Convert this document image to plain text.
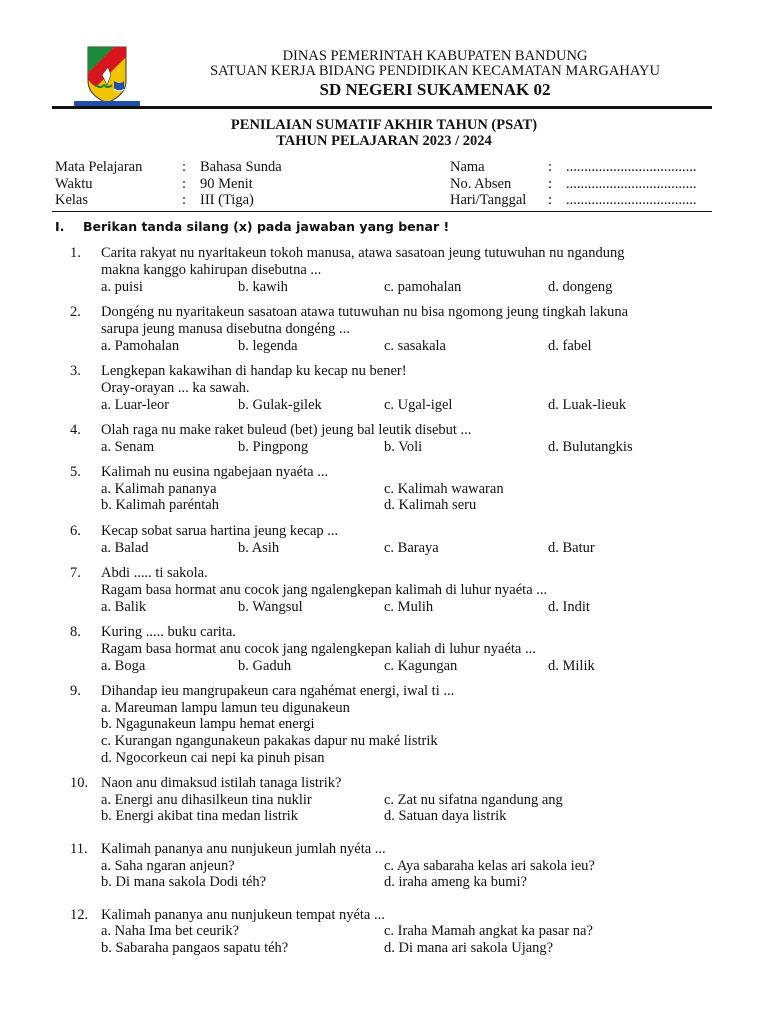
DINAS PEMERINTAH KABUPATEN BANDUNG
SATUAN KERJA BIDANG PENDIDIKAN KECAMATAN MARGAHAYU
SD NEGERI SUKAMENAK 02
PENILAIAN SUMATIF AKHIR TAHUN (PSAT)
TAHUN PELAJARAN 2023 / 2024
Mata Pelajaran	: Bahasa Sunda
Waktu	: 90 Menit
Kelas	: III (Tiga)
Nama	: ....................................
No. Absen	: ....................................
Hari/Tanggal : ....................................
I. Berikan tanda silang (x) pada jawaban yang benar !
1.	Carita rakyat nu nyaritakeun tokoh manusa, atawa sasatoan jeung tutuwuhan nu ngandung
makna kanggo kahirupan disebutna ...
a. puisi	b. kawih	c. pamohalan	d. dongeng
2.	Dongéng nu nyaritakeun sasatoan atawa tutuwuhan nu bisa ngomong jeung tingkah lakuna
sarupa jeung manusa disebutna dongéng ...
a. Pamohalan	b. legenda	c. sasakala	d. fabel
3.	Lengkepan kakawihan di handap ku kecap nu bener!
Oray-orayan ... ka sawah.
a. Luar-leor	b. Gulak-gilek	c. Ugal-igel	d. Luak-lieuk
4.	Olah raga nu make raket buleud (bet) jeung bal leutik disebut ...
a. Senam	b. Pingpong	b. Voli	d. Bulutangkis
5.	Kalimah nu eusina ngabejaan nyaéta ...
a. Kalimah pananya	c. Kalimah wawaran
b. Kalimah paréntah	d. Kalimah seru
6.	Kecap sobat sarua hartina jeung kecap ...
a. Balad	b. Asih	c. Baraya	d. Batur
7.	Abdi ..... ti sakola.
Ragam basa hormat anu cocok jang ngalengkepan kalimah di luhur nyaéta ...
a. Balik	b. Wangsul	c. Mulih	d. Indit
8.	Kuring ..... buku carita.
Ragam basa hormat anu cocok jang ngalengkepan kaliah di luhur nyaéta ...
a. Boga	b. Gaduh	c. Kagungan	d. Milik
9.	Dihandap ieu mangrupakeun cara ngahémat energi, iwal ti ...
a. Mareuman lampu lamun teu digunakeun
b. Ngagunakeun lampu hemat energi
c. Kurangan ngangunakeun pakakas dapur nu maké listrik
d. Ngocorkeun cai nepi ka pinuh pisan
10. Naon anu dimaksud istilah tanaga listrik?
a. Energi anu dihasilkeun tina nuklir	c. Zat nu sifatna ngandung ang
b. Energi akibat tina medan listrik	d. Satuan daya listrik
11. Kalimah pananya anu nunjukeun jumlah nyéta ...
a. Saha ngaran anjeun?	c. Aya sabaraha kelas ari sakola ieu?
b. Di mana sakola Dodi téh?	d. iraha ameng ka bumi?
12. Kalimah pananya anu nunjukeun tempat nyéta ...
a. Naha Ima bet ceurik?	c. Iraha Mamah angkat ka pasar na?
b. Sabaraha pangaos sapatu téh?	d. Di mana ari sakola Ujang?
